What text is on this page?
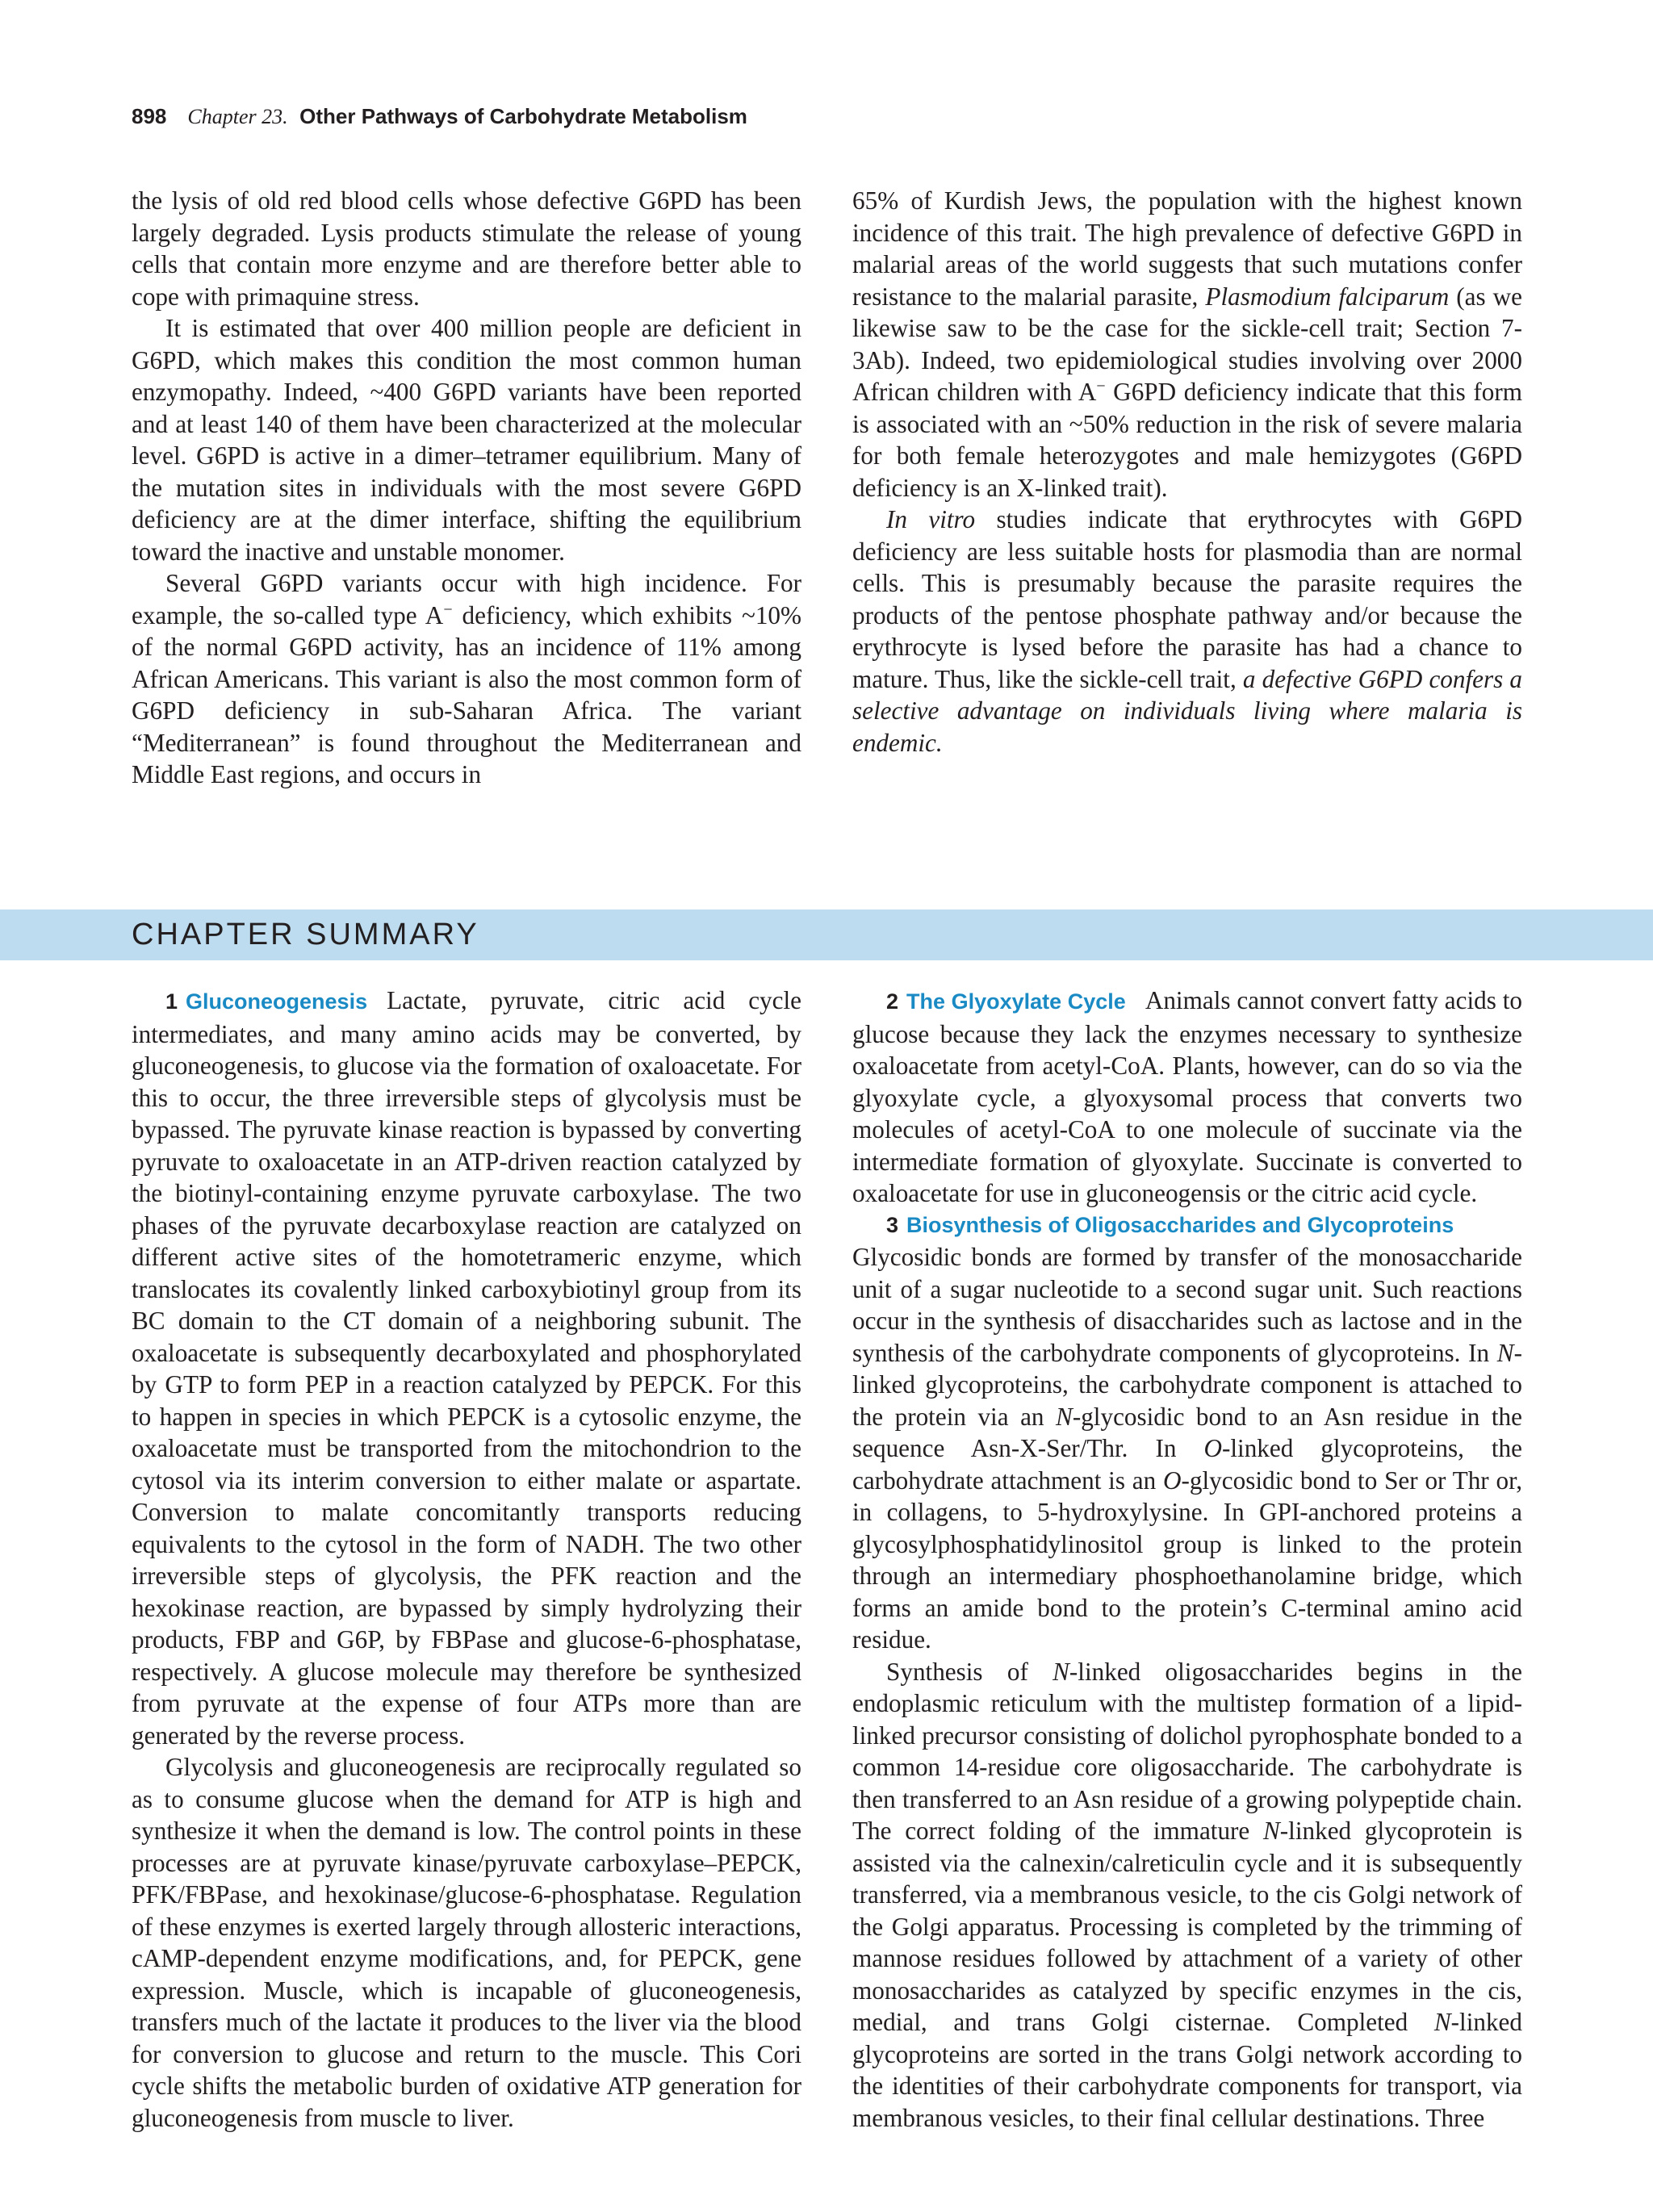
898 Chapter 23. Other Pathways of Carbohydrate Metabolism

the lysis of old red blood cells whose defective G6PD has been largely degraded. Lysis products stimulate the release of young cells that contain more enzyme and are therefore better able to cope with primaquine stress.

It is estimated that over 400 million people are deficient in G6PD, which makes this condition the most common human enzymopathy. Indeed, ~400 G6PD variants have been reported and at least 140 of them have been characterized at the molecular level. G6PD is active in a dimer–tetramer equilibrium. Many of the mutation sites in individuals with the most severe G6PD deficiency are at the dimer interface, shifting the equilibrium toward the inactive and unstable monomer.

Several G6PD variants occur with high incidence. For example, the so-called type A− deficiency, which exhibits ~10% of the normal G6PD activity, has an incidence of 11% among African Americans. This variant is also the most common form of G6PD deficiency in sub-Saharan Africa. The variant “Mediterranean” is found throughout the Mediterranean and Middle East regions, and occurs in

65% of Kurdish Jews, the population with the highest known incidence of this trait. The high prevalence of defective G6PD in malarial areas of the world suggests that such mutations confer resistance to the malarial parasite, Plasmodium falciparum (as we likewise saw to be the case for the sickle-cell trait; Section 7-3Ab). Indeed, two epidemiological studies involving over 2000 African children with A− G6PD deficiency indicate that this form is associated with an ~50% reduction in the risk of severe malaria for both female heterozygotes and male hemizygotes (G6PD deficiency is an X-linked trait).

In vitro studies indicate that erythrocytes with G6PD deficiency are less suitable hosts for plasmodia than are normal cells. This is presumably because the parasite requires the products of the pentose phosphate pathway and/or because the erythrocyte is lysed before the parasite has had a chance to mature. Thus, like the sickle-cell trait, a defective G6PD confers a selective advantage on individuals living where malaria is endemic.

CHAPTER SUMMARY

1 Gluconeogenesis Lactate, pyruvate, citric acid cycle intermediates, and many amino acids may be converted, by gluconeogenesis, to glucose via the formation of oxaloacetate. For this to occur, the three irreversible steps of glycolysis must be bypassed. The pyruvate kinase reaction is bypassed by converting pyruvate to oxaloacetate in an ATP-driven reaction catalyzed by the biotinyl-containing enzyme pyruvate carboxylase. The two phases of the pyruvate decarboxylase reaction are catalyzed on different active sites of the homotetrameric enzyme, which translocates its covalently linked carboxybiotinyl group from its BC domain to the CT domain of a neighboring subunit. The oxaloacetate is subsequently decarboxylated and phosphorylated by GTP to form PEP in a reaction catalyzed by PEPCK. For this to happen in species in which PEPCK is a cytosolic enzyme, the oxaloacetate must be transported from the mitochondrion to the cytosol via its interim conversion to either malate or aspartate. Conversion to malate concomitantly transports reducing equivalents to the cytosol in the form of NADH. The two other irreversible steps of glycolysis, the PFK reaction and the hexokinase reaction, are bypassed by simply hydrolyzing their products, FBP and G6P, by FBPase and glucose-6-phosphatase, respectively. A glucose molecule may therefore be synthesized from pyruvate at the expense of four ATPs more than are generated by the reverse process.

Glycolysis and gluconeogenesis are reciprocally regulated so as to consume glucose when the demand for ATP is high and synthesize it when the demand is low. The control points in these processes are at pyruvate kinase/pyruvate carboxylase–PEPCK, PFK/FBPase, and hexokinase/glucose-6-phosphatase. Regulation of these enzymes is exerted largely through allosteric interactions, cAMP-dependent enzyme modifications, and, for PEPCK, gene expression. Muscle, which is incapable of gluconeogenesis, transfers much of the lactate it produces to the liver via the blood for conversion to glucose and return to the muscle. This Cori cycle shifts the metabolic burden of oxidative ATP generation for gluconeogenesis from muscle to liver.

2 The Glyoxylate Cycle Animals cannot convert fatty acids to glucose because they lack the enzymes necessary to synthesize oxaloacetate from acetyl-CoA. Plants, however, can do so via the glyoxylate cycle, a glyoxysomal process that converts two molecules of acetyl-CoA to one molecule of succinate via the intermediate formation of glyoxylate. Succinate is converted to oxaloacetate for use in gluconeogensis or the citric acid cycle.

3 Biosynthesis of Oligosaccharides and Glycoproteins

Glycosidic bonds are formed by transfer of the monosaccharide unit of a sugar nucleotide to a second sugar unit. Such reactions occur in the synthesis of disaccharides such as lactose and in the synthesis of the carbohydrate components of glycoproteins. In N-linked glycoproteins, the carbohydrate component is attached to the protein via an N-glycosidic bond to an Asn residue in the sequence Asn-X-Ser/Thr. In O-linked glycoproteins, the carbohydrate attachment is an O-glycosidic bond to Ser or Thr or, in collagens, to 5-hydroxylysine. In GPI-anchored proteins a glycosylphosphatidylinositol group is linked to the protein through an intermediary phosphoethanolamine bridge, which forms an amide bond to the protein’s C-terminal amino acid residue.

Synthesis of N-linked oligosaccharides begins in the endoplasmic reticulum with the multistep formation of a lipid-linked precursor consisting of dolichol pyrophosphate bonded to a common 14-residue core oligosaccharide. The carbohydrate is then transferred to an Asn residue of a growing polypeptide chain. The correct folding of the immature N-linked glycoprotein is assisted via the calnexin/calreticulin cycle and it is subsequently transferred, via a membranous vesicle, to the cis Golgi network of the Golgi apparatus. Processing is completed by the trimming of mannose residues followed by attachment of a variety of other monosaccharides as catalyzed by specific enzymes in the cis, medial, and trans Golgi cisternae. Completed N-linked glycoproteins are sorted in the trans Golgi network according to the identities of their carbohydrate components for transport, via membranous vesicles, to their final cellular destinations. Three
